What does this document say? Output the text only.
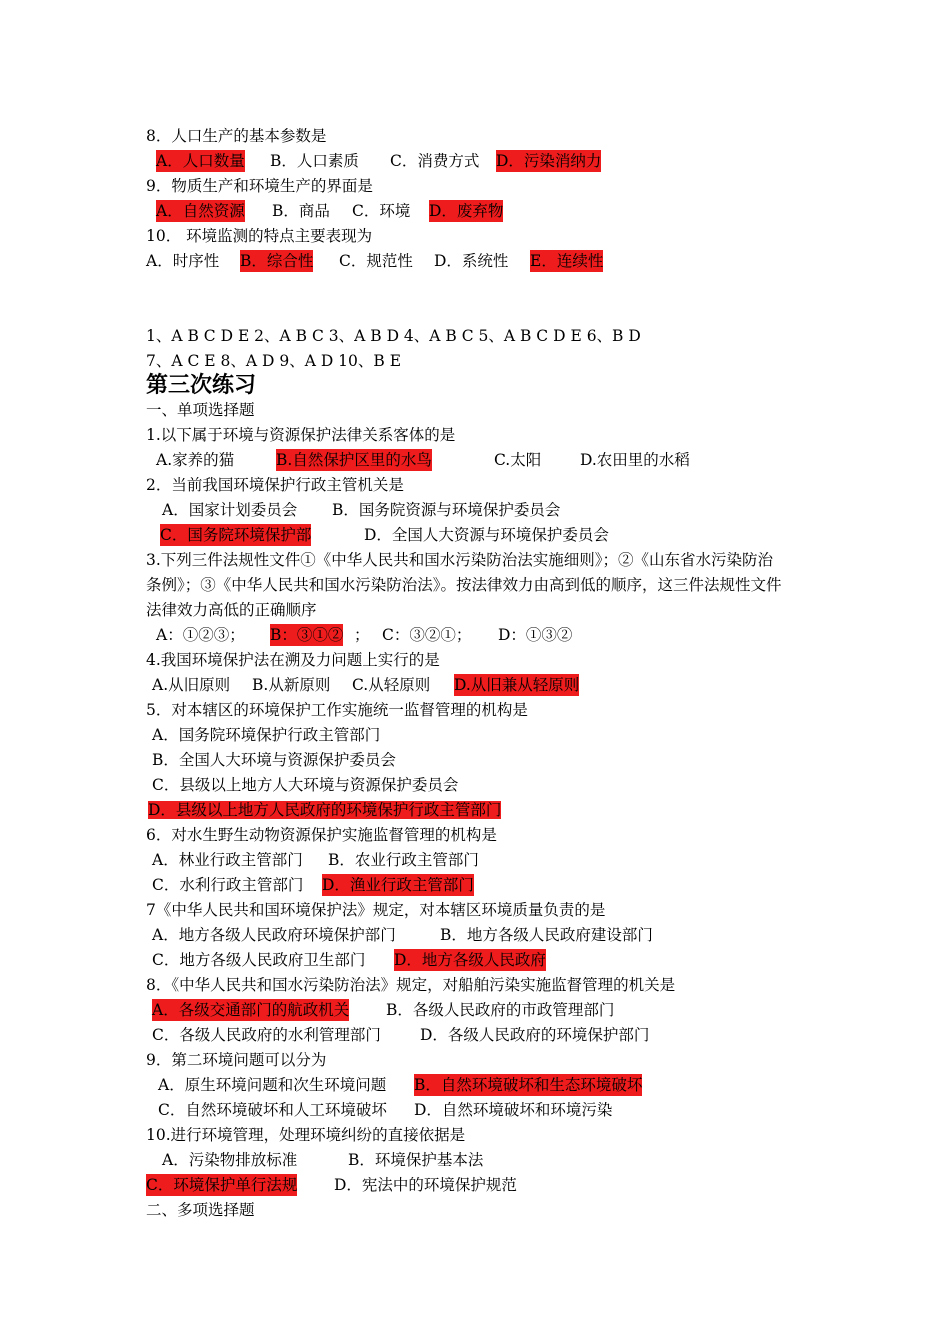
8．人口生产的基本参数是
A．人口数量 B．人口素质 C．消费方式 D．污染消纳力
9．物质生产和环境生产的界面是
A．自然资源 B．商品 C．环境 D．废弃物
10． 环境监测的特点主要表现为
A．时序性 B．综合性 C．规范性 D．系统性 E．连续性
1、A B C D E 2、A B C 3、A B D 4、A B C 5、A B C D E 6、B D
7、A C E 8、A D 9、A D 10、B E
第三次练习
一、单项选择题
1.以下属于环境与资源保护法律关系客体的是
A.家养的猫	B.自然保护区里的水鸟	C.太阳	D.农田里的水稻
2．当前我国环境保护行政主管机关是
A．国家计划委员会 B．国务院资源与环境保护委员会
C．国务院环境保护部	D．全国人大资源与环境保护委员会
3.下列三件法规性文件①《中华人民共和国水污染防治法实施细则》；②《山东省水污染防治
条例》；③《中华人民共和国水污染防治法》。按法律效力由高到低的顺序，这三件法规性文件
法律效力高低的正确顺序
A：①②③； B：③①② ； C：③②①； D：①③②
4.我国环境保护法在溯及力问题上实行的是
A.从旧原则 B.从新原则 C.从轻原则 D.从旧兼从轻原则
5．对本辖区的环境保护工作实施统一监督管理的机构是
A．国务院环境保护行政主管部门
B．全国人大环境与资源保护委员会
C．县级以上地方人大环境与资源保护委员会
D．县级以上地方人民政府的环境保护行政主管部门
6．对水生野生动物资源保护实施监督管理的机构是
A．林业行政主管部门 B．农业行政主管部门
C．水利行政主管部门 D．渔业行政主管部门
7《中华人民共和国环境保护法》规定，对本辖区环境质量负责的是
A．地方各级人民政府环境保护部门	B．地方各级人民政府建设部门
C．地方各级人民政府卫生部门 D．地方各级人民政府
8．《中华人民共和国水污染防治法》规定，对船舶污染实施监督管理的机关是
A．各级交通部门的航政机关 B．各级人民政府的市政管理部门
C．各级人民政府的水利管理部门	D．各级人民政府的环境保护部门
9．第二环境问题可以分为
A．原生环境问题和次生环境问题 B．自然环境破坏和生态环境破坏
C．自然环境破坏和人工环境破坏 D．自然环境破坏和环境污染
10.进行环境管理，处理环境纠纷的直接依据是
A．污染物排放标准	B．环境保护基本法
C．环境保护单行法规 D．宪法中的环境保护规范
二、多项选择题
